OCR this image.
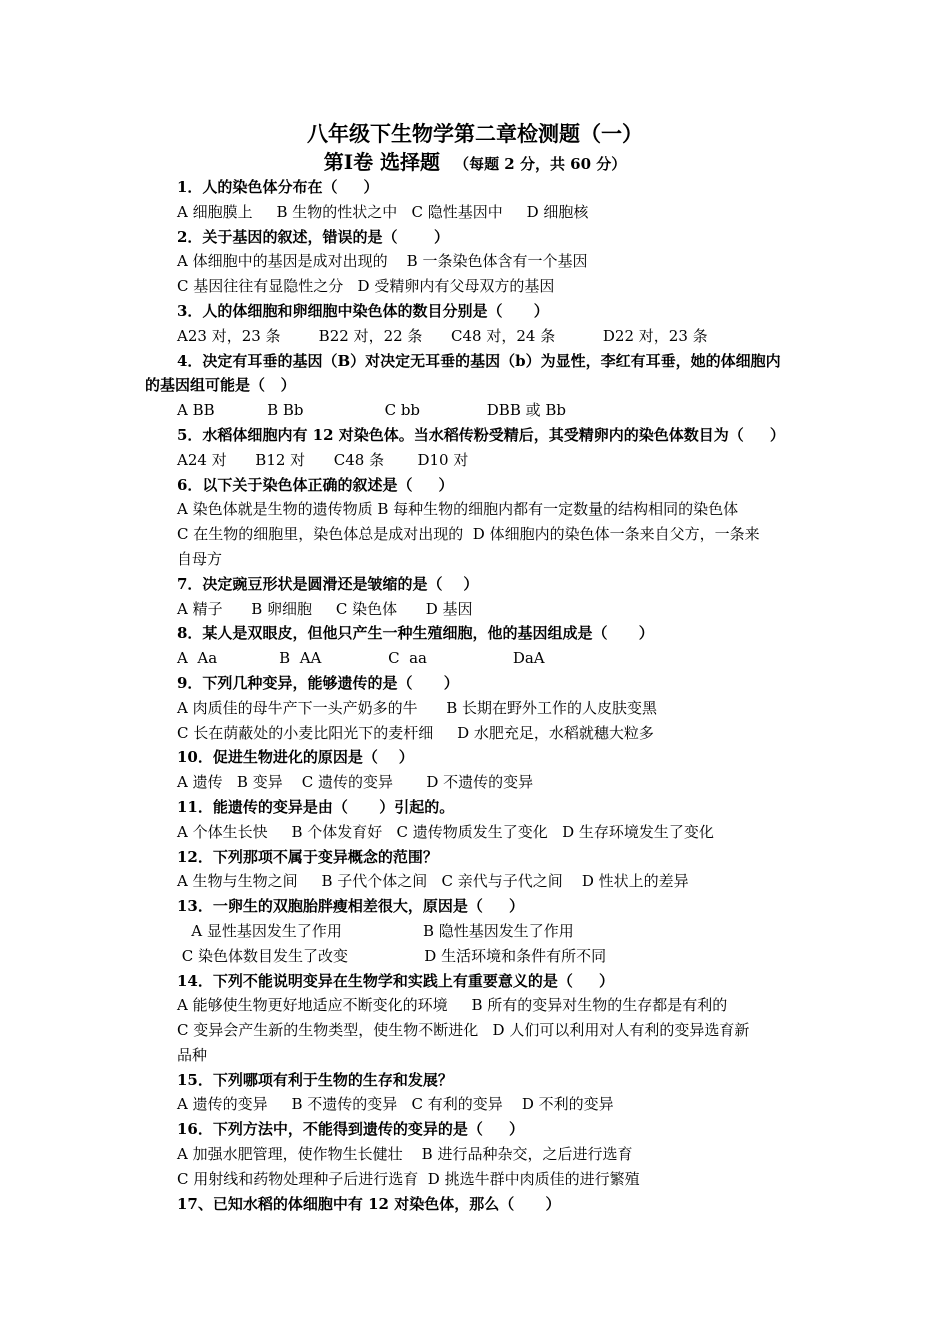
八年级下生物学第二章检测题（一）
第Ⅰ卷 选择题 （每题 2 分，共 60 分）
1．人的染色体分布在（     ）
A 细胞膜上     B 生物的性状之中   C 隐性基因中     D 细胞核
2．关于基因的叙述，错误的是（       ）
A 体细胞中的基因是成对出现的    B 一条染色体含有一个基因
C 基因往往有显隐性之分   D 受精卵内有父母双方的基因
3．人的体细胞和卵细胞中染色体的数目分别是（      ）
A23 对，23 条        B22 对，22 条      C48 对，24 条          D22 对，23 条
4．决定有耳垂的基因（B）对决定无耳垂的基因（b）为显性，李红有耳垂，她的体细胞内
的基因组可能是（   ）
A BB           B Bb                 C bb              DBB 或 Bb
5．水稻体细胞内有 12 对染色体。当水稻传粉受精后，其受精卵内的染色体数目为（     ）
A24 对      B12 对      C48 条       D10 对
6．以下关于染色体正确的叙述是（     ）
A 染色体就是生物的遗传物质 B 每种生物的细胞内都有一定数量的结构相同的染色体
C 在生物的细胞里，染色体总是成对出现的  D 体细胞内的染色体一条来自父方，一条来
自母方
7．决定豌豆形状是圆滑还是皱缩的是（    ）
A 精子      B 卵细胞     C 染色体      D 基因
8．某人是双眼皮，但他只产生一种生殖细胞，他的基因组成是（      ）
A  Aa             B  AA              C  aa                  DaA
9．下列几种变异，能够遗传的是（      ）
A 肉质佳的母牛产下一头产奶多的牛      B 长期在野外工作的人皮肤变黑
C 长在荫蔽处的小麦比阳光下的麦杆细     D 水肥充足，水稻就穗大粒多
10．促进生物进化的原因是（    ）
A 遗传   B 变异    C 遗传的变异       D 不遗传的变异
11．能遗传的变异是由（      ）引起的。
A 个体生长快     B 个体发育好   C 遗传物质发生了变化   D 生存环境发生了变化
12．下列那项不属于变异概念的范围？
A 生物与生物之间     B 子代个体之间   C 亲代与子代之间    D 性状上的差异
13．一卵生的双胞胎胖瘦相差很大，原因是（     ）
A 显性基因发生了作用                 B 隐性基因发生了作用
C 染色体数目发生了改变                D 生活环境和条件有所不同
14．下列不能说明变异在生物学和实践上有重要意义的是（     ）
A 能够使生物更好地适应不断变化的环境     B 所有的变异对生物的生存都是有利的
C 变异会产生新的生物类型，使生物不断进化   D 人们可以利用对人有利的变异选育新
品种
15．下列哪项有利于生物的生存和发展？
A 遗传的变异     B 不遗传的变异   C 有利的变异    D 不利的变异
16．下列方法中，不能得到遗传的变异的是（     ）
A 加强水肥管理，使作物生长健壮    B 进行品种杂交，之后进行选育
C 用射线和药物处理种子后进行选育  D 挑选牛群中肉质佳的进行繁殖
17、已知水稻的体细胞中有 12 对染色体，那么（      ）
